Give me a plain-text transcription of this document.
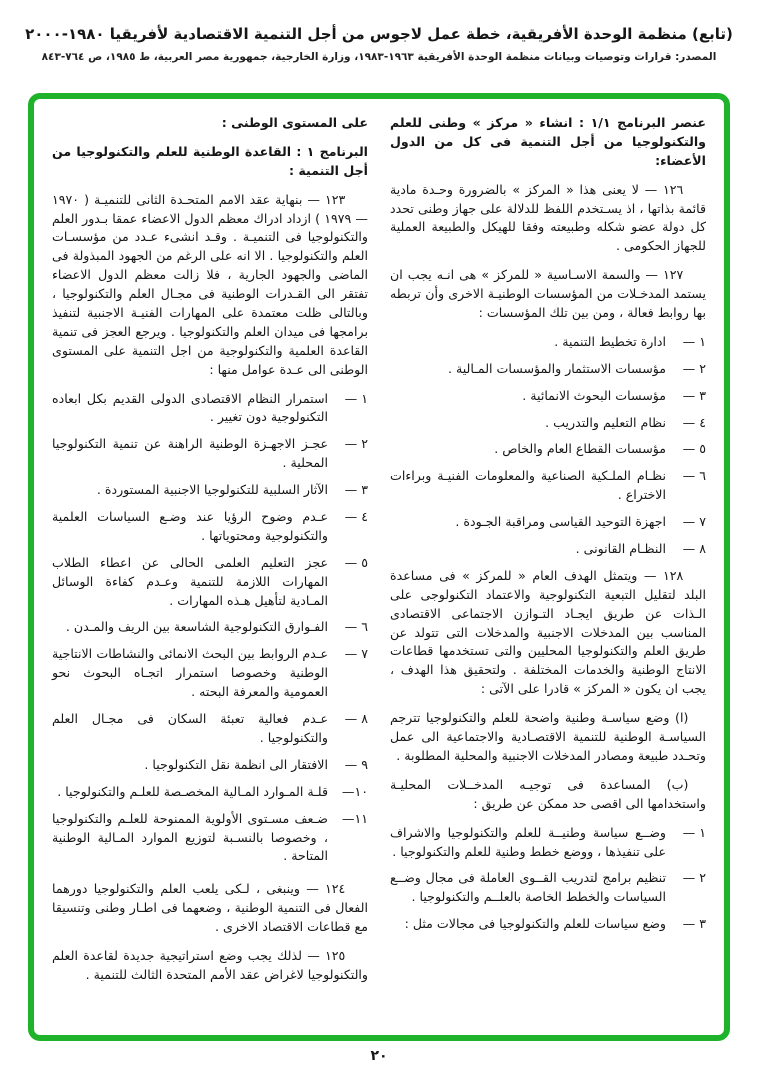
(تابع) منظمة الوحدة الأفريقية، خطة عمل لاجوس من أجل التنمية الاقتصادية لأفريقيا ١٩٨٠-٢٠٠٠
المصدر: قرارات وتوصيات وبيانات منظمة الوحدة الأفريقية ١٩٦٣-١٩٨٣، وزارة الخارجية، جمهورية مصر العربية، ط ١٩٨٥، ص ٧٦٤-٨٤٣
على المستوى الوطنى :
البرنامج ١ : القاعدة الوطنية للعلم والتكنولوجيا من أجل التنمية :

١٢٣ — بنهاية عقد الامم المتحـدة الثانى للتنميـة ( ١٩٧٠ — ١٩٧٩ ) ازداد ادراك معظم الدول الاعضاء عمقا بـدور العلم والتكنولوجيا فى التنميـة . وقـد انشىء عـدد من مؤسسـات العلم والتكنولوجيا . الا انه على الرغم من الجهود المبذولة فى الماضى والجهود الجارية ، فلا زالت معظم الدول الاعضاء تفتقر الى القـدرات الوطنية فى مجـال العلم والتكنولوجيا ، وبالتالى ظلت معتمدة على المهارات الفنيـة الاجنبية لتنفيذ برامجها فى ميدان العلم والتكنولوجيا . ويرجع العجز فى تنمية القاعدة العلمية والتكنولوجية من اجل التنمية على المستوى الوطنى الى عـدة عوامل منها :

١ —
استمرار النظام الاقتصادى الدولى القديم بكل ابعاده التكنولوجية دون تغيير .
٢ —
عجـز الاجهـزة الوطنية الراهنة عن تنمية التكنولوجيا المحلية .
٣ —
الآثار السلبية للتكنولوجيا الاجنبية المستوردة .
٤ —
عـدم وضوح الرؤيا عند وضـع السياسات العلمية والتكنولوجية ومحتوياتها .
٥ —
عجز التعليم العلمى الحالى عن اعطاء الطلاب المهارات اللازمة للتنمية وعـدم كفاءة الوسائل المـادية لتأهيل هـذه المهارات .
٦ —
الفـوارق التكنولوجية الشاسعة بين الريف والمـدن .
٧ —
عـدم الروابط بين البحث الانمائى والنشاطات الانتاجية الوطنية وخصوصا استمرار اتجـاه البحوث نحو العمومية والمعرفة البحته .
٨ —
عـدم فعالية تعبئة السكان فى مجـال العلم والتكنولوجيا .
٩ —
الافتقار الى انظمة نقل التكنولوجيا .
١٠—
قلـة المـوارد المـالية المخصـصة للعلـم والتكنولوجيا .
١١—
ضـعف مسـتوى الأولوية الممنوحة للعلـم والتكنولوجيا ، وخصوصا بالنسـبة لتوزيع الموارد المـالية الوطنية المتاحة .

١٢٤ — وينبغى ، لـكى يلعب العلم والتكنولوجيا دورهما الفعال فى التنمية الوطنية ، وضعهما فى اطـار وطنى وتنسيقا مع قطاعات الاقتصاد الاخرى .

١٢٥ — لذلك يجب وضع استراتيجية جديدة لقاعدة العلم والتكنولوجيا لاغراض عقد الأمم المتحدة الثالث للتنمية .

عنصر البرنامج ١/١ : انشاء « مركز » وطنى للعلم والتكنولوجيا من أجل التنمية فى كل من الدول الأعضاء:

١٢٦ — لا يعنى هذا « المركز » بالضرورة وحـدة مادية قائمة بذاتها ، اذ يسـتخدم اللفظ للدلالة على جهاز وطنى تحدد كل دولة عضو شكله وطبيعته وفقا للهيكل والطبيعة العملية للجهاز الحكومى .

١٢٧ — والسمة الاسـاسية « للمركز » هى انـه يجب ان يستمد المدخـلات من المؤسسات الوطنيـة الاخرى وأن تربطه بها روابط فعالة ، ومن بين تلك المؤسسات :

١ —
ادارة تخطيط التنمية .
٢ —
مؤسسات الاستثمار والمؤسسات المـالية .
٣ —
مؤسسات البحوث الانمائية .
٤ —
نظام التعليم والتدريب .
٥ —
مؤسسات القطاع العام والخاص .
٦ —
نظـام الملـكية الصناعية والمعلومات الفنيـة وبراءات الاختراع .
٧ —
اجهزة التوحيد القياسى ومراقبة الجـودة .
٨ —
النظـام القانونى .

١٢٨ — ويتمثل الهدف العام « للمركز » فى مساعدة البلد لتقليل التبعية التكنولوجية والاعتماد التكنولوجى على الـذات عن طريق ايجـاد التـوازن الاجتماعى الاقتصادى المناسب بين المدخلات الاجنبية والمدخلات التى تتولد عن طريق العلم والتكنولوجيا المحليين والتى تستخدمها قطاعات الانتاج الوطنية والخدمات المختلفة . ولتحقيق هذا الهدف ، يجب ان يكون « المركز » قادرا على الآتى :

(ا) وضع سياسـة وطنية واضحة للعلم والتكنولوجيا تترجم السياسـة الوطنية للتنمية الاقتصـادية والاجتماعية الى عمل وتحـدد طبيعة ومصادر المدخلات الاجنبية والمحلية المطلوبة .
(ب) المساعدة فى توجيـه المدخــلات المحليـة واستخدامها الى اقصى حد ممكن عن طريق :
١ —
وضــع سياسة وطنيــة للعلم والتكنولوجيا والاشراف على تنفيذها ، ووضع خطط وطنية للعلم والتكنولوجيا .
٢ —
تنظيم برامج لتدريب القــوى العاملة فى مجال وضــع السياسات والخطط الخاصة بالعلــم والتكنولوجيا .
٣ —
وضع سياسات للعلم والتكنولوجيا فى مجالات مثل :
٢٠
